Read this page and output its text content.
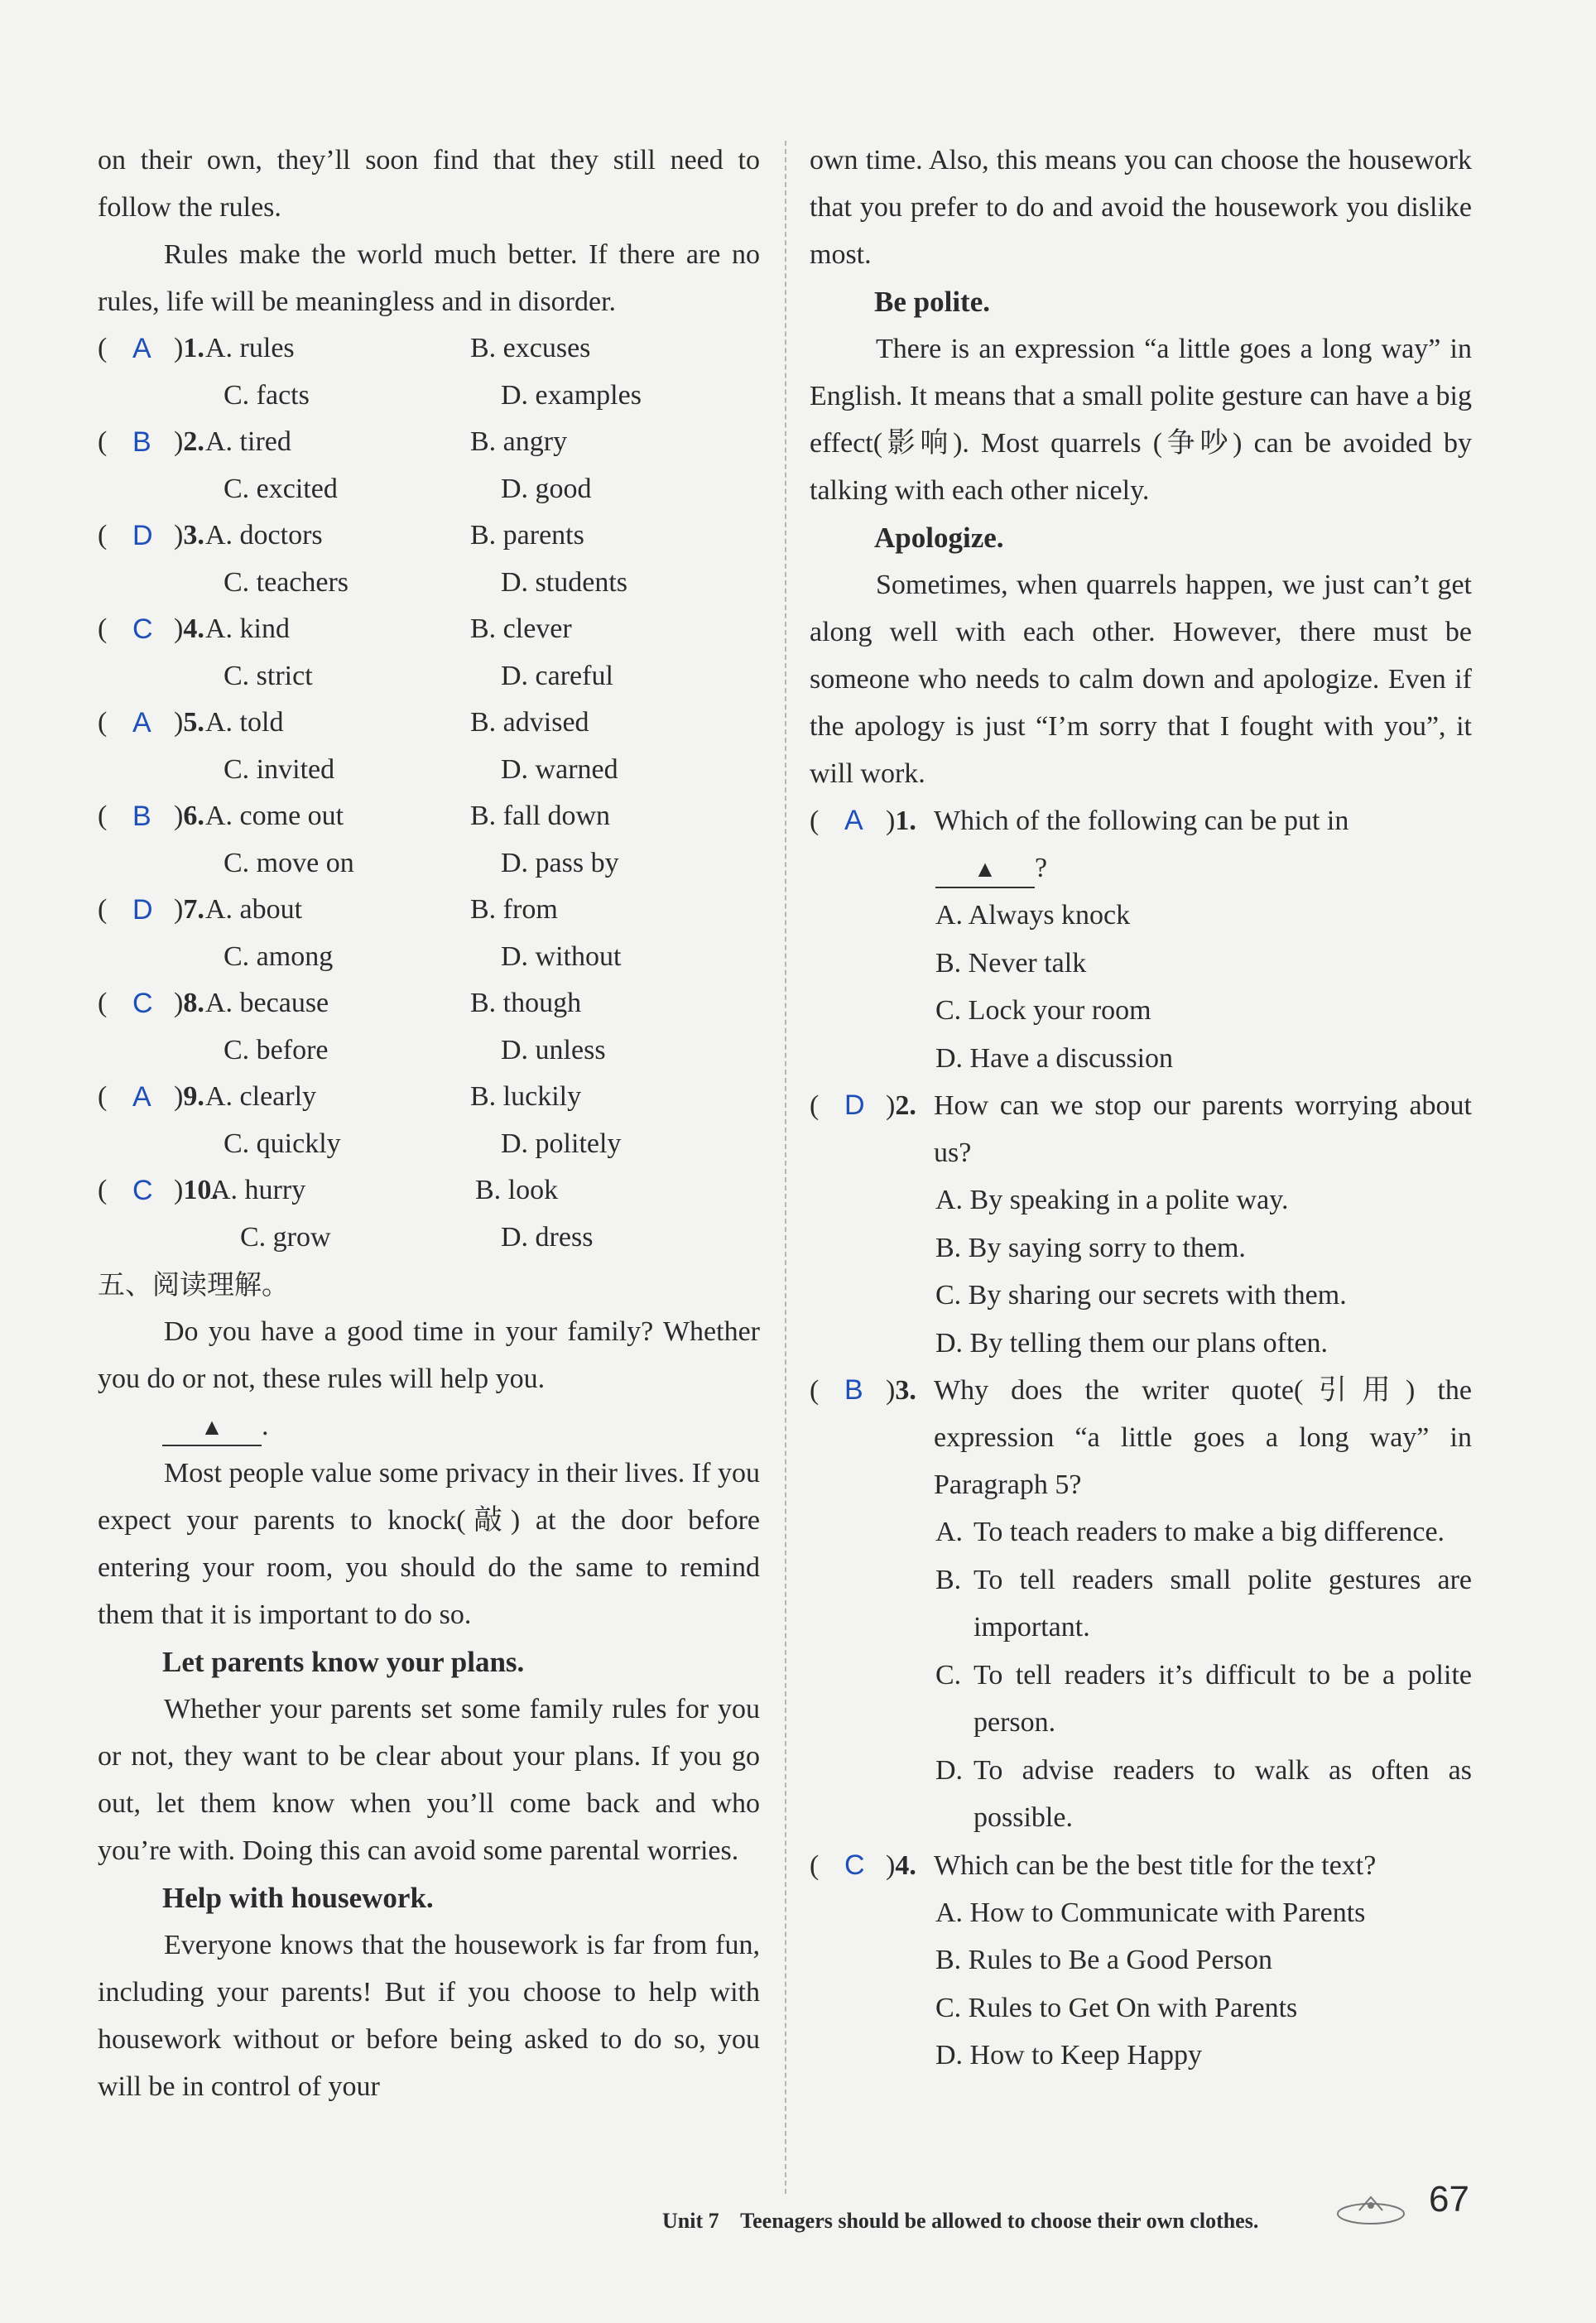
on their own, they’ll soon find that they still need to follow the rules.

Rules make the world much better. If there are no rules, life will be meaningless and in disorder.

( A )1. A. rules	B. excuses
C. facts	D. examples
( B )2. A. tired	B. angry
C. excited	D. good
( D )3. A. doctors	B. parents
C. teachers	D. students
( C )4. A. kind	B. clever
C. strict	D. careful
( A )5. A. told	B. advised
C. invited	D. warned
( B )6. A. come out	B. fall down
C. move on	D. pass by
( D )7. A. about	B. from
C. among	D. without
( C )8. A. because	B. though
C. before	D. unless
( A )9. A. clearly	B. luckily
C. quickly	D. politely
( C )10.
A. hurry	B. look
C. grow	D. dress
五、阅读理解。

Do you have a good time in your family? Whether you do or not, these rules will help you.

▲ .

Most people value some privacy in their lives. If you expect your parents to knock(敲) at the door before entering your room, you should do the same to remind them that it is important to do so.

Let parents know your plans.

Whether your parents set some family rules for you or not, they want to be clear about your plans. If you go out, let them know when you’ll come back and who you’re with. Doing this can avoid some parental worries.

Help with housework.

Everyone knows that the housework is far from fun, including your parents! But if you choose to help with housework without or before being asked to do so, you will be in control of your

own time. Also, this means you can choose the housework that you prefer to do and avoid the housework you dislike most.

Be polite.

There is an expression “a little goes a long way” in English. It means that a small polite gesture can have a big effect(影响). Most quarrels (争吵) can be avoided by talking with each other nicely.

Apologize.

Sometimes, when quarrels happen, we just can’t get along well with each other. However, there must be someone who needs to calm down and apologize. Even if the apology is just “I’m sorry that I fought with you”, it will work.

( A )1. Which of the following can be put in

▲ ?

A. Always knock
B. Never talk
C. Lock your room
D. Have a discussion
( D )2. How can we stop our parents worrying about us?
A. By speaking in a polite way.
B. By saying sorry to them.
C. By sharing our secrets with them.
D. By telling them our plans often.
( B )3. Why does the writer quote(引用) the expression “a little goes a long way” in Paragraph 5?
A. To teach readers to make a big difference.
B. To tell readers small polite gestures are important.
C. To tell readers it’s difficult to be a polite person.
D. To advise readers to walk as often as possible.
( C )4. Which can be the best title for the text?
A. How to Communicate with Parents
B. Rules to Be a Good Person
C. Rules to Get On with Parents
D. How to Keep Happy
Unit 7 Teenagers should be allowed to choose their own clothes.
67
